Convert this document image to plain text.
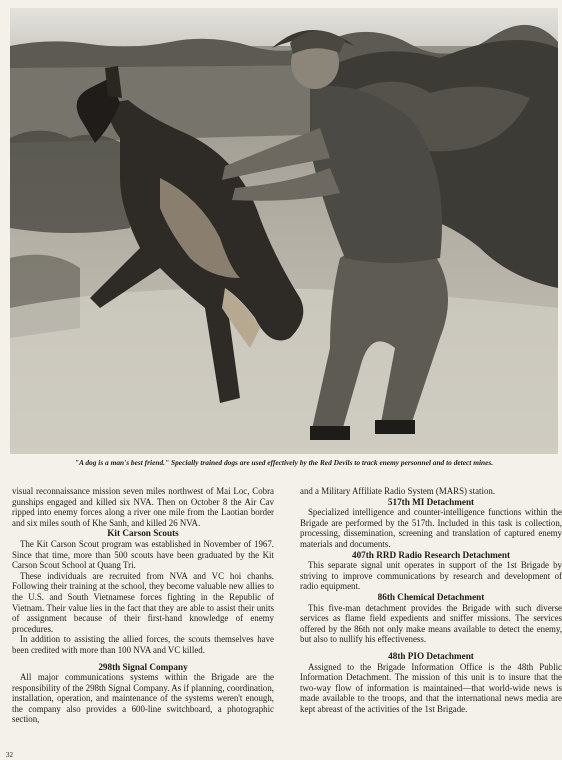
"A dog is a man's best friend." Specially trained dogs are used effectively by the Red Devils to track enemy personnel and to detect mines.

visual reconnaissance mission seven miles northwest of Mai Loc, Cobra gunships engaged and killed six NVA. Then on October 8 the Air Cav ripped into enemy forces along a river one mile from the Laotian border and six miles south of Khe Sanh, and killed 26 NVA.

Kit Carson Scouts

The Kit Carson Scout program was established in November of 1967. Since that time, more than 500 scouts have been graduated by the Kit Carson Scout School at Quang Tri.

These individuals are recruited from NVA and VC hoi chanhs. Following their training at the school, they become valuable new allies to the U.S. and South Vietnamese forces fighting in the Republic of Vietnam. Their value lies in the fact that they are able to assist their units of assignment because of their first-hand knowledge of enemy procedures.

In addition to assisting the allied forces, the scouts themselves have been credited with more than 100 NVA and VC killed.

298th Signal Company

All major communications systems within the Brigade are the responsibility of the 298th Signal Company. As if planning, coordination, installation, operation, and maintenance of the systems weren't enough, the company also provides a 600-line switchboard, a photographic section,

and a Military Affiliate Radio System (MARS) station.

517th MI Detachment

Specialized intelligence and counter-intelligence functions within the Brigade are performed by the 517th. Included in this task is collection, processing, dissemination, screening and translation of captured enemy materials and documents.

407th RRD Radio Research Detachment

This separate signal unit operates in support of the 1st Brigade by striving to improve communications by research and development of radio equipment.

86th Chemical Detachment

This five-man detachment provides the Brigade with such diverse services as flame field expedients and sniffer missions. The services offered by the 86th not only make means available to detect the enemy, but also to nullify his effectiveness.

48th PIO Detachment

Assigned to the Brigade Information Office is the 48th Public Information Detachment. The mission of this unit is to insure that the two-way flow of information is maintained—that world-wide news is made available to the troops, and that the international news media are kept abreast of the activities of the 1st Brigade.

32
